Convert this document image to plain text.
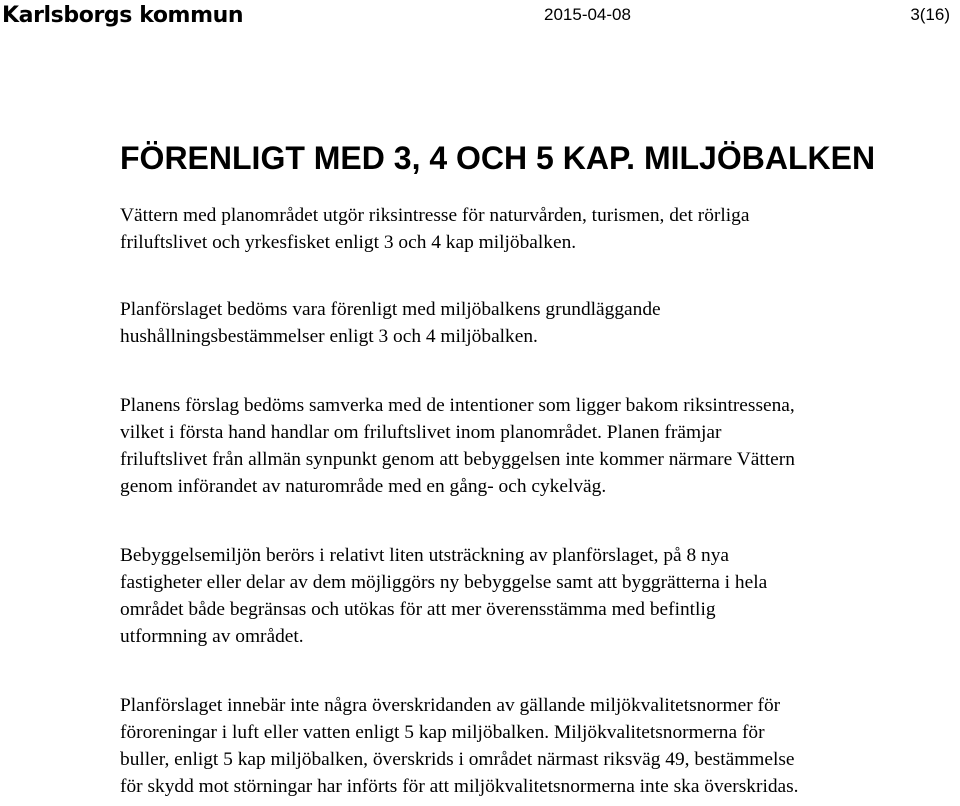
Karlsborgs kommun	2015-04-08	3(16)
FÖRENLIGT MED 3, 4 OCH 5 KAP. MILJÖBALKEN

Vättern med planområdet utgör riksintresse för naturvården, turismen, det rörliga
friluftslivet och yrkesfisket enligt 3 och 4 kap miljöbalken.

Planförslaget bedöms vara förenligt med miljöbalkens grundläggande
hushållningsbestämmelser enligt 3 och 4 miljöbalken.

Planens förslag bedöms samverka med de intentioner som ligger bakom riksintressena,
vilket i första hand handlar om friluftslivet inom planområdet. Planen främjar
friluftslivet från allmän synpunkt genom att bebyggelsen inte kommer närmare Vättern
genom införandet av naturområde med en gång- och cykelväg.

Bebyggelsemiljön berörs i relativt liten utsträckning av planförslaget, på 8 nya
fastigheter eller delar av dem möjliggörs ny bebyggelse samt att byggrätterna i hela
området både begränsas och utökas för att mer överensstämma med befintlig
utformning av området.

Planförslaget innebär inte några överskridanden av gällande miljökvalitetsnormer för
föroreningar i luft eller vatten enligt 5 kap miljöbalken. Miljökvalitetsnormerna för
buller, enligt 5 kap miljöbalken, överskrids i området närmast riksväg 49, bestämmelse
för skydd mot störningar har införts för att miljökvalitetsnormerna inte ska överskridas.
